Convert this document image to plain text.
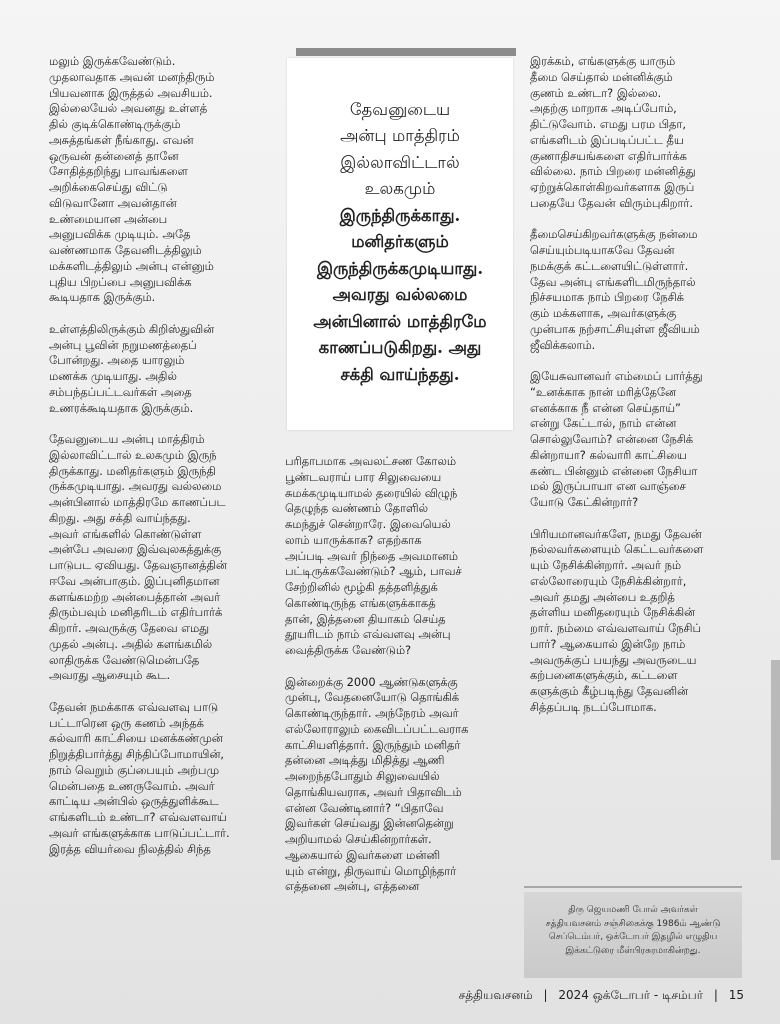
மலும் இருக்கவேண்டும்.
முதலாவதாக அவன் மனந்திரும்
பியவனாக இருத்தல் அவசியம்.
இல்லையேல் அவனது உள்ளத்
தில் குடிக்கொண்டிருக்கும்
அசுத்தங்கள் நீங்காது. எவன்
ஒருவன் தன்னைத் தானே
சோதித்தறிந்து பாவங்களை
அறிக்கைசெய்து விட்டு
விடுவானோ அவன்தான்
உண்மையான அன்பை
அனுபவிக்க முடியும். அதே
வண்ணமாக தேவனிடத்திலும்
மக்களிடத்திலும் அன்பு என்னும்
புதிய பிறப்பை அனுபவிக்க
கூடியதாக இருக்கும்.

உள்ளத்திலிருக்கும் கிறிஸ்துவின்
அன்பு பூவின் நறுமணத்தைப்
போன்றது. அதை யாரலும்
மணக்க முடியாது. அதில்
சம்பந்தப்பட்டவர்கள் அதை
உணரக்கூடியதாக இருக்கும்.

தேவனுடைய அன்பு மாத்திரம்
இல்லாவிட்டால் உலகமும் இருந்
திருக்காது. மனிதர்களும் இருந்தி
ருக்கமுடியாது. அவரது வல்லமை
அன்பினால் மாத்திரமே காணப்பட
கிறது. அது சக்தி வாய்ந்தது.
அவர் எங்களில் கொண்டுள்ள
அன்பே அவரை இவ்வுலகத்துக்கு
பாடுபட ஏவியது. தேவஞானத்தின்
ஈவே அன்பாகும். இப்புனிதமான
களங்கமற்ற அன்பைத்தான் அவர்
திரும்பவும் மனிதரிடம் எதிர்பார்க்
கிறார். அவருக்கு தேவை எமது
முதல் அன்பு. அதில் களங்கமில்
லாதிருக்க வேண்டுமென்பதே
அவரது ஆசையும் கூட.

தேவன் நமக்காக எவ்வளவு பாடு
பட்டாரென ஒரு கணம் அந்தக்
கல்வாரி காட்சியை மனக்கண்முன்
நிறுத்திபார்த்து சிந்திப்போமாயின்,
நாம் வெறும் குப்பையும் அற்பமு
மென்பதை உணருவோம். அவர்
காட்டிய அன்பில் ஒருத்துளிக்கூட
எங்களிடம் உண்டா? எவ்வளவாய்
அவர் எங்களுக்காக பாடுப்பட்டார்.
இரத்த வியர்வை நிலத்தில் சிந்த

தேவனுடைய
அன்பு மாத்திரம்
இல்லாவிட்டால்
உலகமும்
இருந்திருக்காது.
மனிதர்களும்
இருந்திருக்கமுடியாது.
அவரது வல்லமை
அன்பினால் மாத்திரமே
காணப்படுகிறது. அது
சக்தி வாய்ந்தது.

பரிதாபமாக அவலட்சண கோலம்
பூண்டவராய் பார சிலுவையை
சுமக்கமுடியாமல் தரையில் விழுந்
தெழுந்த வண்ணம் தோளில்
சுமந்துச் சென்றாரே. இவையெல்
லாம் யாருக்காக? எதற்காக
அப்படி அவர் நிந்தை அவமானம்
பட்டிருக்கவேண்டும்? ஆம், பாவச்
சேற்றினில் மூழ்கி தத்தளித்துக்
கொண்டிருந்த எங்களுக்காகத்
தான், இத்தனை தியாகம் செய்த
தூயரிடம் நாம் எவ்வளவு அன்பு
வைத்திருக்க வேண்டும்?

இன்றைக்கு 2000 ஆண்டுகளுக்கு
முன்பு, வேதனையோடு தொங்கிக்
கொண்டிருந்தார். அந்நேரம் அவர்
எல்லோராலும் கைவிடப்பட்டவராக
காட்சியளித்தார். இருந்தும் மனிதர்
தன்னை அடித்து மிதித்து ஆணி
அறைந்தபோதும் சிலுவையில்
தொங்கியவராக, அவர் பிதாவிடம்
என்ன வேண்டினார்? “பிதாவே
இவர்கள் செய்வது இன்னதென்று
அறியாமல் செய்கின்றார்கள்.
ஆகையால் இவர்களை மன்னி
யும் என்று, திருவாய் மொழிந்தார்
எத்தனை அன்பு, எத்தனை

இரக்கம், எங்களுக்கு யாரும்
தீமை செய்தால் மன்னிக்கும்
குணம் உண்டா? இல்லை.
அதற்கு மாறாக அடிப்போம்,
திட்டுவோம். எமது பரம பிதா,
எங்களிடம் இப்படிப்பட்ட தீய
குணாதிசயங்களை எதிர்பார்க்க
வில்லை. நாம் பிறரை மன்னித்து
ஏற்றுக்கொள்கிறவர்களாக இருப்
பதையே தேவன் விரும்புகிறார்.

தீமைசெய்கிறவர்களுக்கு நன்மை
செய்யும்படியாகவே தேவன்
நமக்குக் கட்டளையிட்டுள்ளார்.
தேவ அன்பு எங்களிடமிருந்தால்
நிச்சயமாக நாம் பிறரை நேசிக்
கும் மக்களாக, அவர்களுக்கு
முன்பாக நற்சாட்சியுள்ள ஜீவியம்
ஜீவிக்கலாம்.

இயேசுவானவர் எம்மைப் பார்த்து
“உனக்காக நான் மரித்தேனே
எனக்காக நீ என்ன செய்தாய்”
என்று கேட்டால், நாம் என்ன
சொல்லுவோம்? என்னை நேசிக்
கின்றாயா? கல்வாரி காட்சியை
கண்ட பின்னும் என்னை நேசியா
மல் இருப்பாயா என வாஞ்சை
யோடு கேட்கின்றார்?

பிரியமானவர்களே, நமது தேவன்
நல்லவர்களையும் கெட்டவர்களை
யும் நேசிக்கின்றார். அவர் நம்
எல்லோரையும் நேசிக்கின்றார்,
அவர் தமது அன்பை உதறித்
தள்ளிய மனிதரையும் நேசிக்கின்
றார். நம்மை எவ்வளவாய் நேசிப்
பார்? ஆகையால் இன்றே நாம்
அவருக்குப் பயந்து அவருடைய
கற்பனைகளுக்கும், கட்டளை
களுக்கும் கீழ்படிந்து தேவனின்
சித்தப்படி நடப்போமாக.

திரு ஜெயமணி போல் அவர்கள்
சத்தியவசனம் சஞ்சிகைக்கு 1986ம் ஆண்டு
செப்டெம்பர், ஒக்டோபர் இதழில் எழுதிய
இக்கட்டுரை மீள்பிரசுரமாகின்றது.
சத்தியவசனம் | 2024 ஒக்டோபர் - டிசம்பர் | 15
